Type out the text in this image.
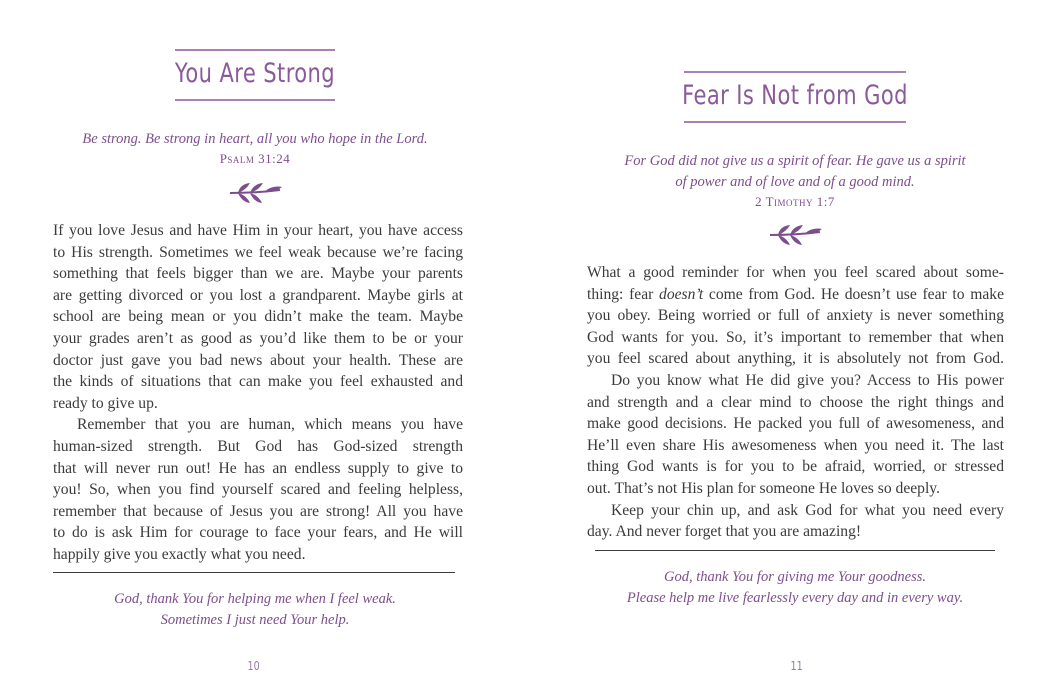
You Are Strong
Be strong. Be strong in heart, all you who hope in the Lord.
Psalm 31:24
If you love Jesus and have Him in your heart, you have access
to His strength. Sometimes we feel weak because we’re facing
something that feels bigger than we are. Maybe your parents
are getting divorced or you lost a grandparent. Maybe girls at
school are being mean or you didn’t make the team. Maybe
your grades aren’t as good as you’d like them to be or your
doctor just gave you bad news about your health. These are
the kinds of situations that can make you feel exhausted and
ready to give up.
Remember that you are human, which means you have
human-sized strength. But God has God-sized strength
that will never run out! He has an endless supply to give to
you! So, when you find yourself scared and feeling helpless,
remember that because of Jesus you are strong! All you have
to do is ask Him for courage to face your fears, and He will
happily give you exactly what you need.
God, thank You for helping me when I feel weak.
Sometimes I just need Your help.
10
Fear Is Not from God
For God did not give us a spirit of fear. He gave us a spirit
of power and of love and of a good mind.
2 Timothy 1:7
What a good reminder for when you feel scared about some-
thing: fear doesn’t come from God. He doesn’t use fear to make
you obey. Being worried or full of anxiety is never something
God wants for you. So, it’s important to remember that when
you feel scared about anything, it is absolutely not from God.
Do you know what He did give you? Access to His power
and strength and a clear mind to choose the right things and
make good decisions. He packed you full of awesomeness, and
He’ll even share His awesomeness when you need it. The last
thing God wants is for you to be afraid, worried, or stressed
out. That’s not His plan for someone He loves so deeply.
Keep your chin up, and ask God for what you need every
day. And never forget that you are amazing!
God, thank You for giving me Your goodness.
Please help me live fearlessly every day and in every way.
11
